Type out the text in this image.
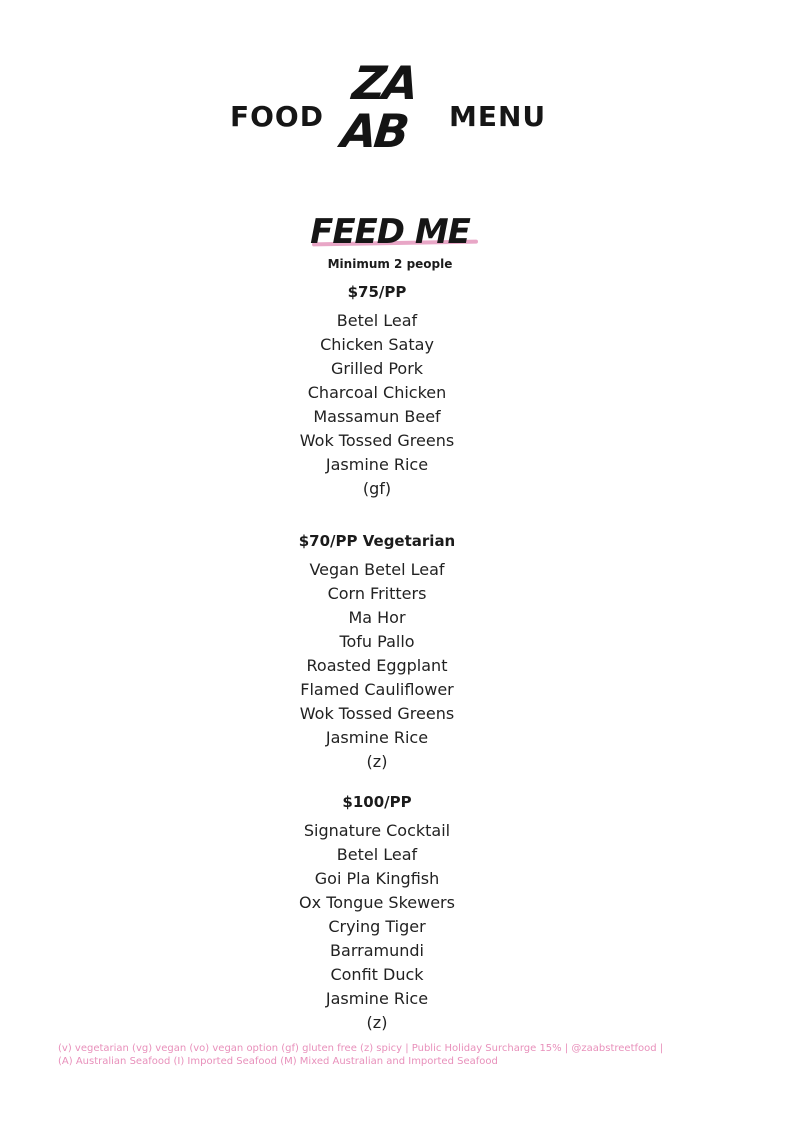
FOOD
ZA
AB MENU
FEED ME
Minimum 2 people
$75/PP
Betel Leaf
Chicken Satay
Grilled Pork
Charcoal Chicken
Massamun Beef
Wok Tossed Greens
Jasmine Rice
(gf)
$70/PP Vegetarian
Vegan Betel Leaf
Corn Fritters
Ma Hor
Tofu Pallo
Roasted Eggplant
Flamed Cauliflower
Wok Tossed Greens
Jasmine Rice
(z)
$100/PP
Signature Cocktail
Betel Leaf
Goi Pla Kingfish
Ox Tongue Skewers
Crying Tiger
Barramundi
Confit Duck
Jasmine Rice
(z)
(v) vegetarian (vg) vegan (vo) vegan option (gf) gluten free (z) spicy | Public Holiday Surcharge 15% | @zaabstreetfood |
(A) Australian Seafood (I) Imported Seafood (M) Mixed Australian and Imported Seafood
